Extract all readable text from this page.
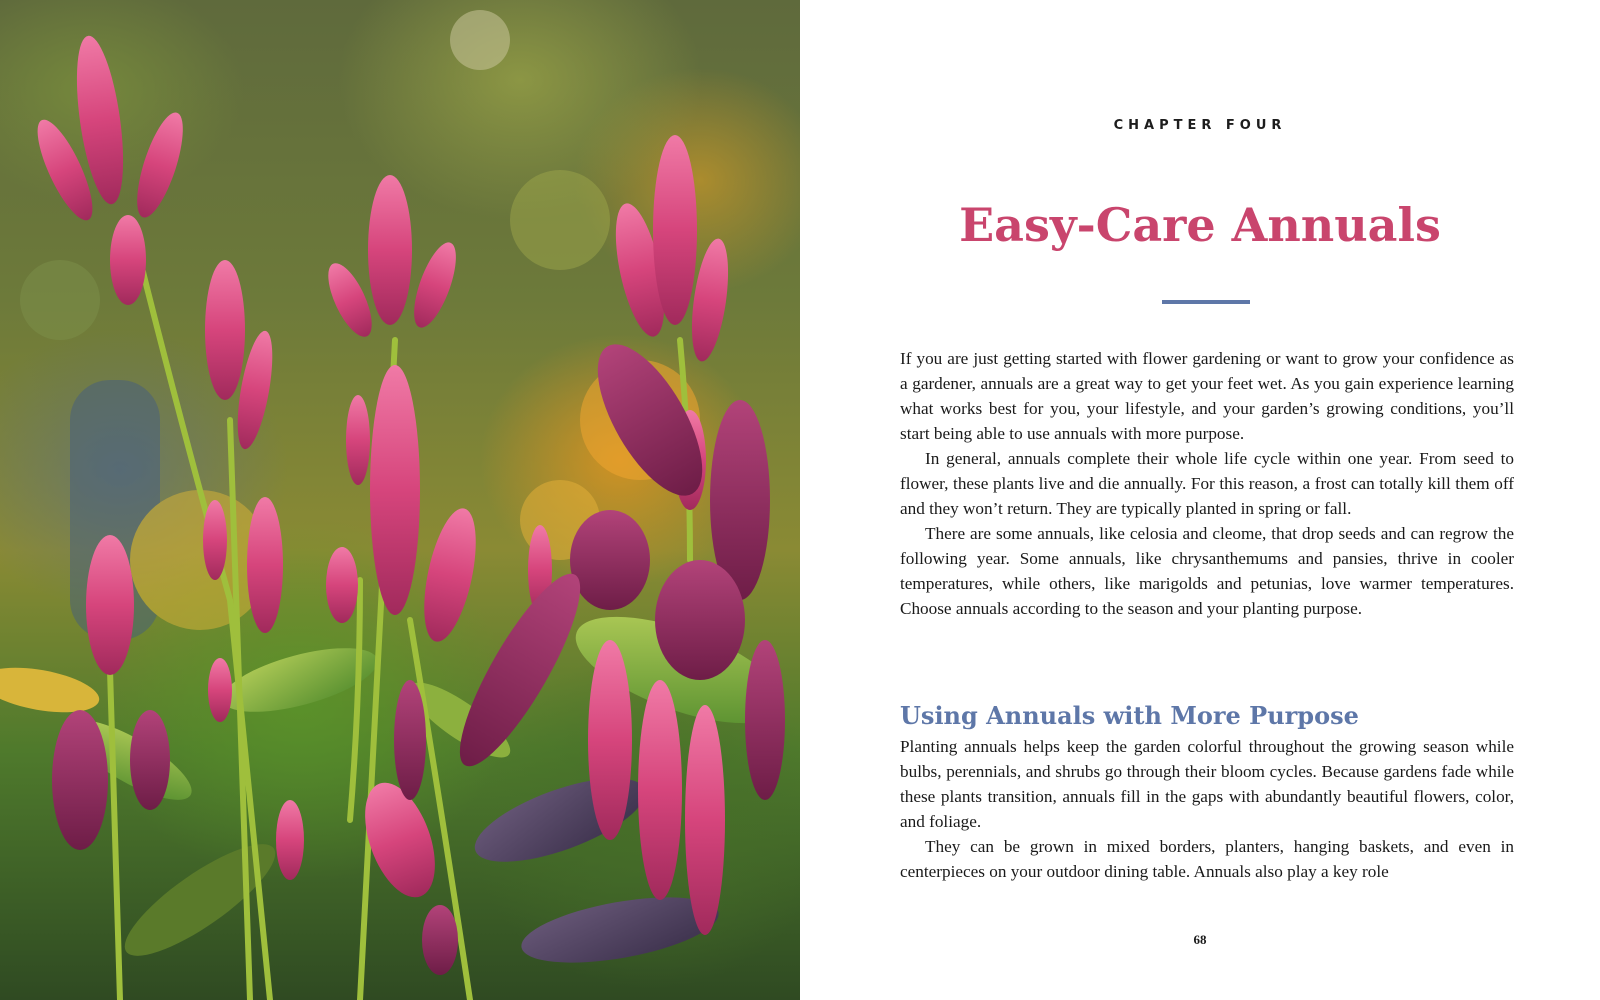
CHAPTER FOUR
Easy-Care Annuals

If you are just getting started with flower gardening or want to grow your confidence as a gardener, annuals are a great way to get your feet wet. As you gain experience learning what works best for you, your lifestyle, and your garden’s growing conditions, you’ll start being able to use annuals with more purpose.

In general, annuals complete their whole life cycle within one year. From seed to flower, these plants live and die annually. For this reason, a frost can totally kill them off and they won’t return. They are typically planted in spring or fall.

There are some annuals, like celosia and cleome, that drop seeds and can regrow the following year. Some annuals, like chrysanthemums and pansies, thrive in cooler temperatures, while others, like marigolds and petunias, love warmer temperatures. Choose annuals according to the season and your planting purpose.

Using Annuals with More Purpose

Planting annuals helps keep the garden colorful throughout the growing season while bulbs, perennials, and shrubs go through their bloom cycles. Because gardens fade while these plants transition, annuals fill in the gaps with abundantly beautiful flowers, color, and foliage.

They can be grown in mixed borders, planters, hanging baskets, and even in centerpieces on your outdoor dining table. Annuals also play a key role

68
